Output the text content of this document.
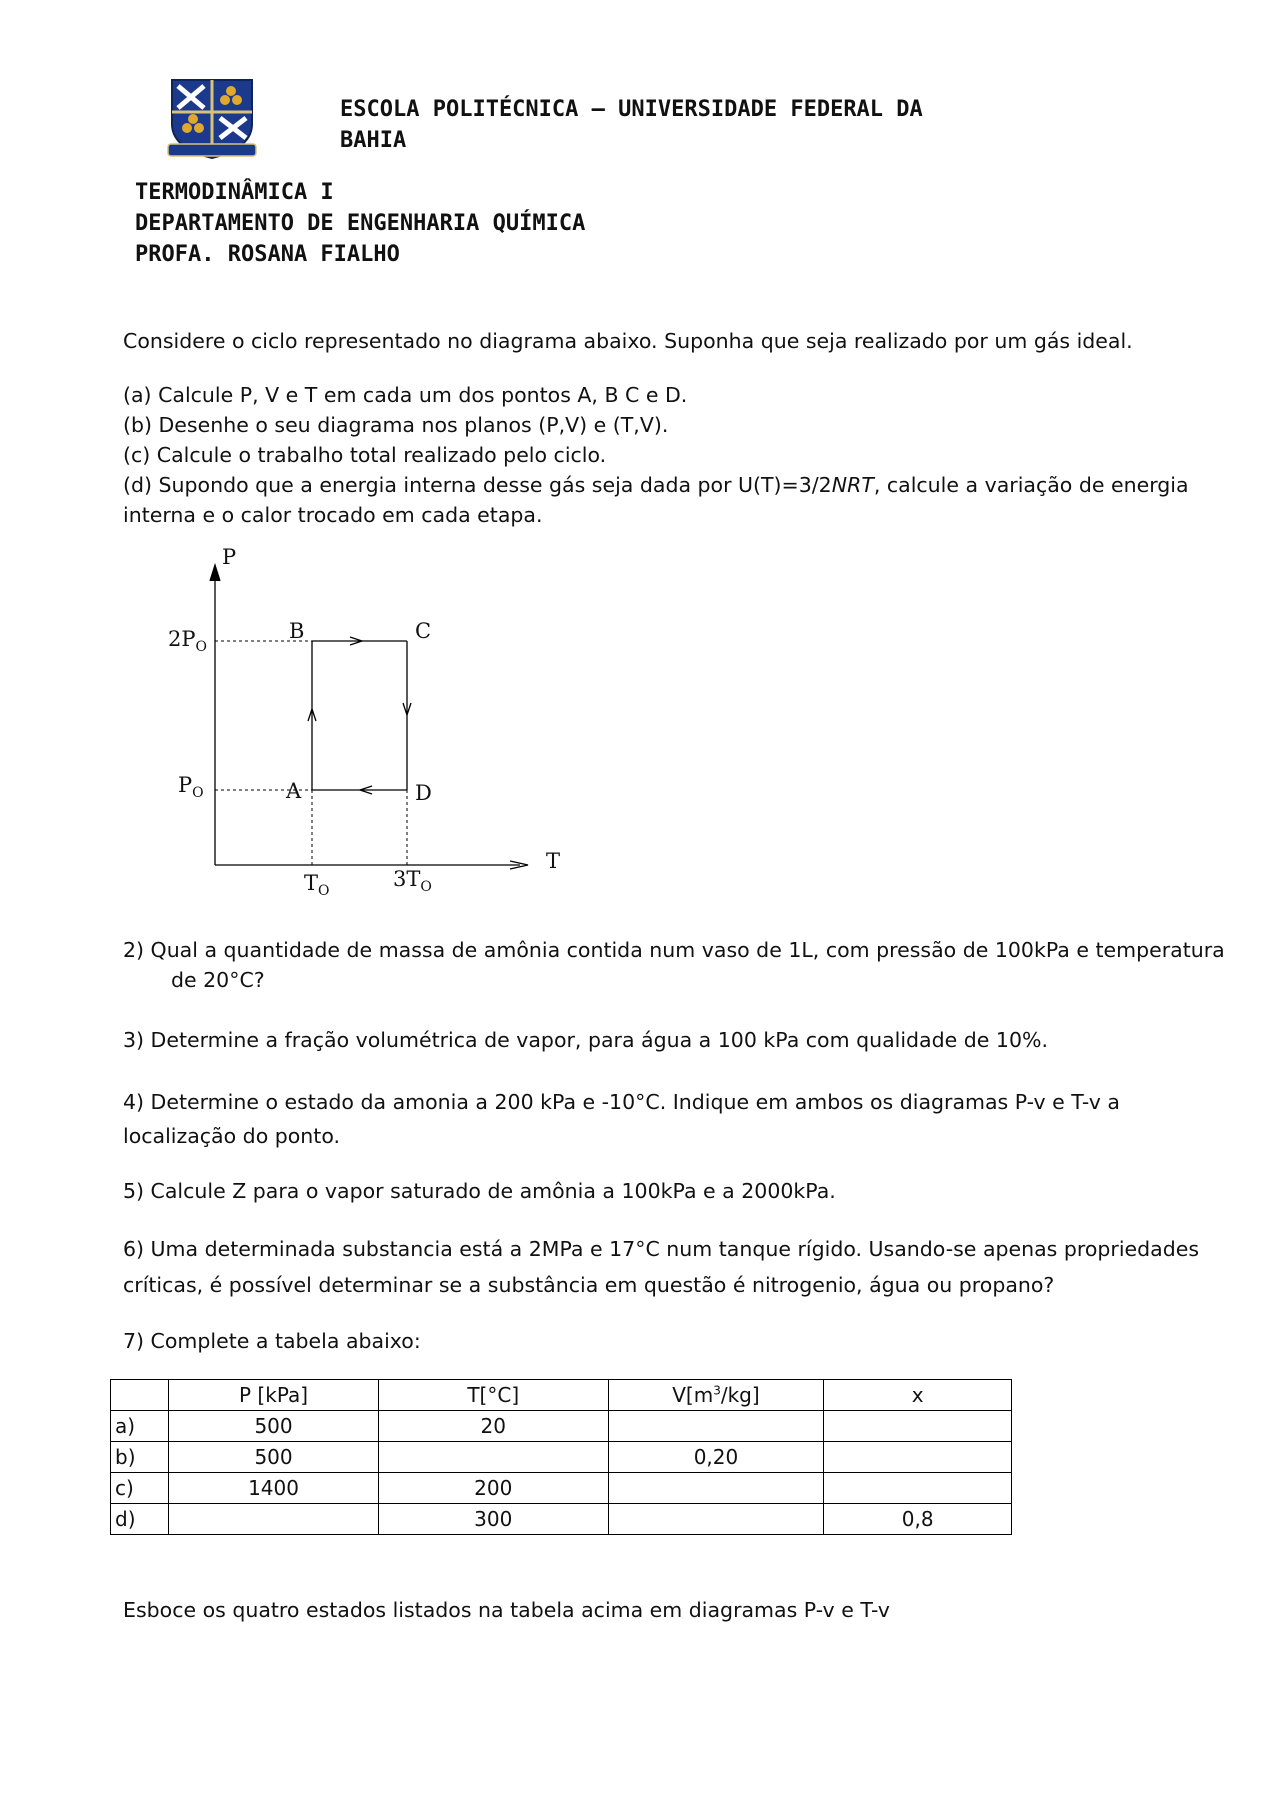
ESCOLA POLITÉCNICA – UNIVERSIDADE FEDERAL DA
BAHIA
TERMODINÂMICA I
DEPARTAMENTO DE ENGENHARIA QUÍMICA
PROFA. ROSANA FIALHO
Considere o ciclo representado no diagrama abaixo. Suponha que seja realizado por um gás ideal.
(a) Calcule P, V e T em cada um dos pontos A, B C e D.
(b) Desenhe o seu diagrama nos planos (P,V) e (T,V).
(c) Calcule o trabalho total realizado pelo ciclo.
(d) Supondo que a energia interna desse gás seja dada por U(T)=3/2NRT, calcule a variação de energia
interna e o calor trocado em cada etapa.
P
T
$2P_O$
$P_O$
$T_O$	$3T_O$
A
B	C
D
2) Qual a quantidade de massa de amônia contida num vaso de 1L, com pressão de 100kPa e temperatura
de 20°C?
3) Determine a fração volumétrica de vapor, para água a 100 kPa com qualidade de 10%.
4) Determine o estado da amonia a 200 kPa e -10°C. Indique em ambos os diagramas P-v e T-v a
localização do ponto.
5) Calcule Z para o vapor saturado de amônia a 100kPa e a 2000kPa.
6) Uma determinada substancia está a 2MPa e 17°C num tanque rígido. Usando-se apenas propriedades
críticas, é possível determinar se a substância em questão é nitrogenio, água ou propano?
7) Complete a tabela abaixo:
	P [kPa]	T[°C]	$V[m^3/kg]$	x
a)	500	20		
b)	500		0,20	
c)	1400	200		
d)		300		0,8
Esboce os quatro estados listados na tabela acima em diagramas P-v e T-v
